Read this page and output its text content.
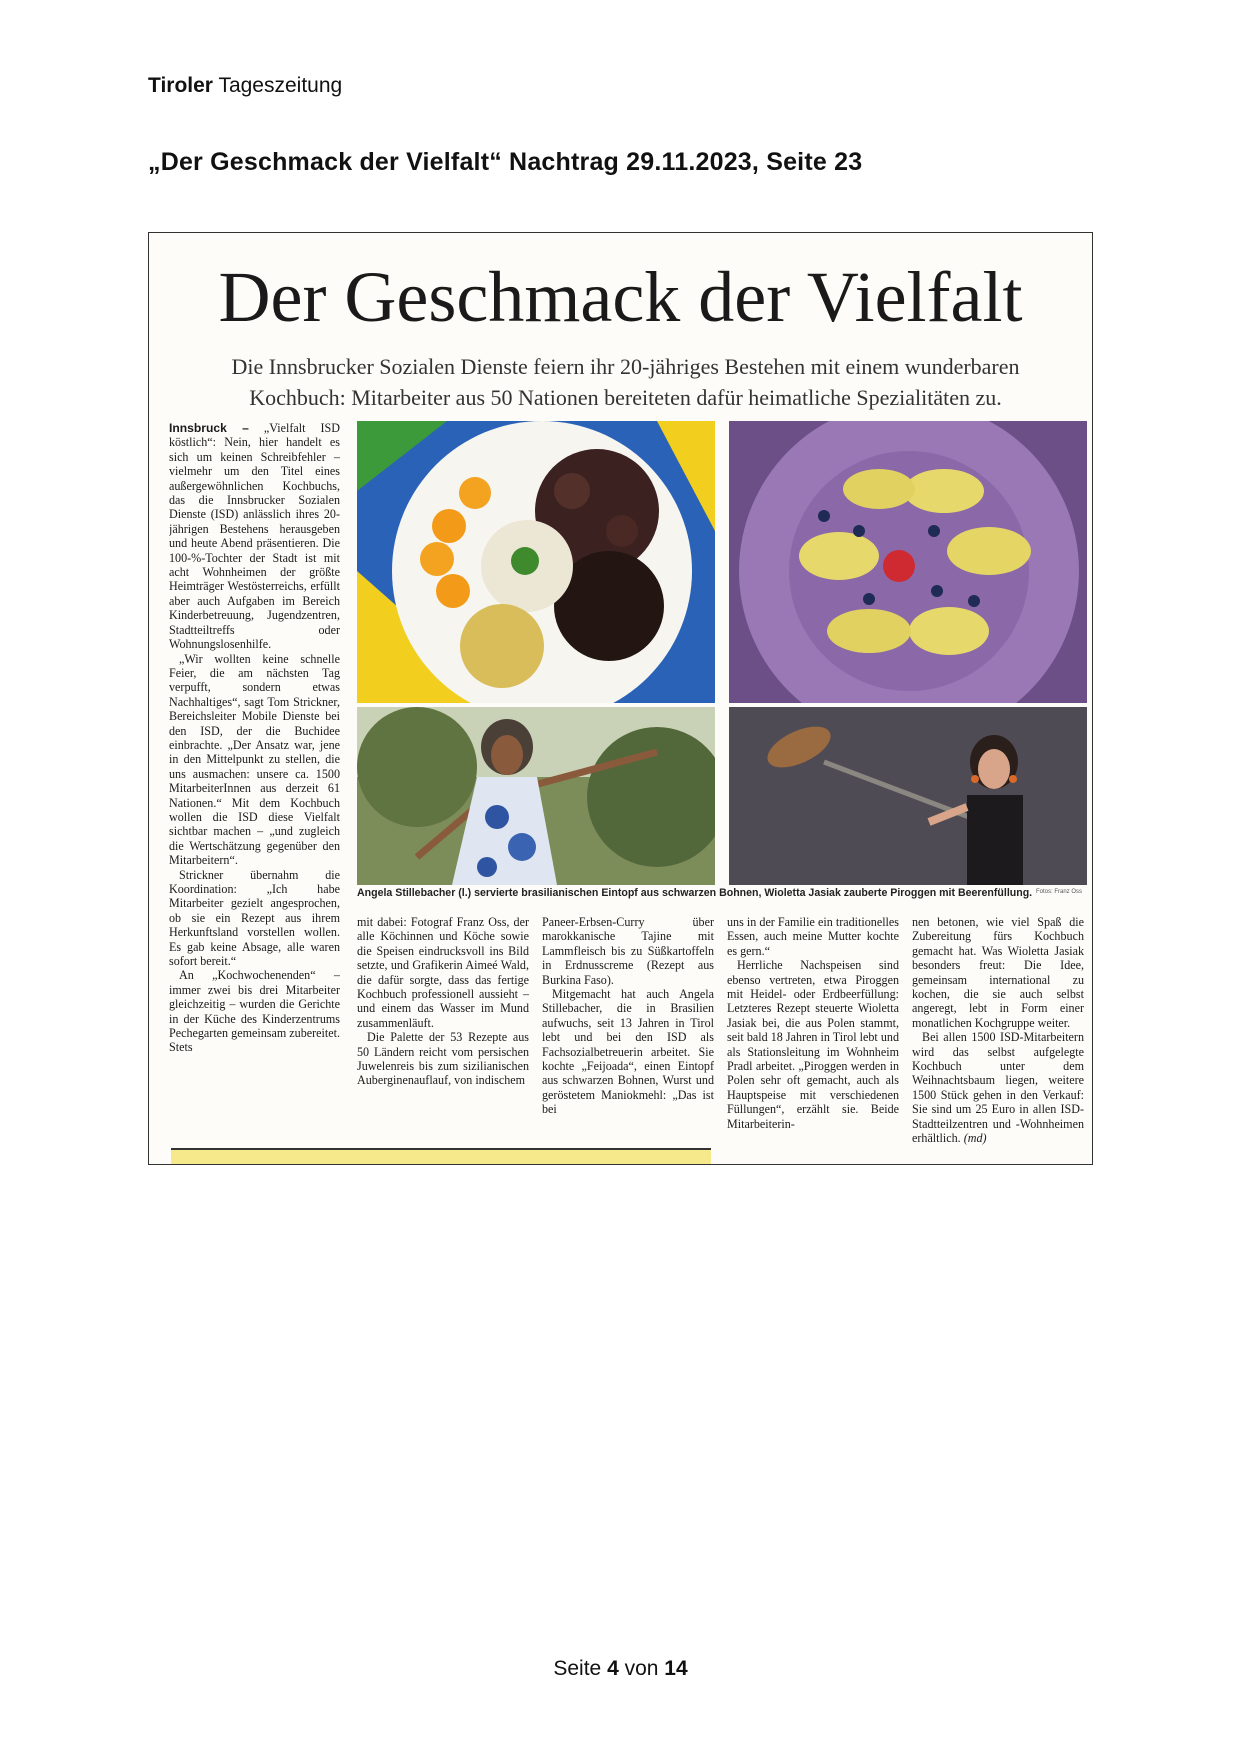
Tiroler Tageszeitung
„Der Geschmack der Vielfalt“ Nachtrag 29.11.2023, Seite 23
Der Geschmack der Vielfalt
Die Innsbrucker Sozialen Dienste feiern ihr 20-jähriges Bestehen mit einem wunderbaren Kochbuch: Mitarbeiter aus 50 Nationen bereiteten dafür heimatliche Spezialitäten zu.

Innsbruck – „Vielfalt ISD köstlich“: Nein, hier handelt es sich um keinen Schreibfehler – vielmehr um den Titel eines außergewöhnlichen Kochbuchs, das die Innsbrucker Sozialen Dienste (ISD) anlässlich ihres 20-jährigen Bestehens herausgeben und heute Abend präsentieren. Die 100-%-Tochter der Stadt ist mit acht Wohnheimen der größte Heimträger Westösterreichs, erfüllt aber auch Aufgaben im Bereich Kinderbetreuung, Jugendzentren, Stadtteiltreffs oder Wohnungslosenhilfe.

„Wir wollten keine schnelle Feier, die am nächsten Tag verpufft, sondern etwas Nachhaltiges“, sagt Tom Strickner, Bereichsleiter Mobile Dienste bei den ISD, der die Buchidee einbrachte. „Der Ansatz war, jene in den Mittelpunkt zu stellen, die uns ausmachen: unsere ca. 1500 MitarbeiterInnen aus derzeit 61 Nationen.“ Mit dem Kochbuch wollen die ISD diese Vielfalt sichtbar machen – „und zugleich die Wertschätzung gegenüber den Mitarbeitern“.

Strickner übernahm die Koordination: „Ich habe Mitarbeiter gezielt angesprochen, ob sie ein Rezept aus ihrem Herkunftsland vorstellen wollen. Es gab keine Absage, alle waren sofort bereit.“

An „Kochwochenenden“ – immer zwei bis drei Mitarbeiter gleichzeitig – wurden die Gerichte in der Küche des Kinderzentrums Pechegarten gemeinsam zubereitet. Stets

Angela Stillebacher (l.) servierte brasilianischen Eintopf aus schwarzen Bohnen, Wioletta Jasiak zauberte Piroggen mit Beerenfüllung. Fotos: Franz Oss

mit dabei: Fotograf Franz Oss, der alle Köchinnen und Köche sowie die Speisen eindrucksvoll ins Bild setzte, und Grafikerin Aimeé Wald, die dafür sorgte, dass das fertige Kochbuch professionell aussieht – und einem das Wasser im Mund zusammenläuft.

Die Palette der 53 Rezepte aus 50 Ländern reicht vom persischen Juwelenreis bis zum sizilianischen Auberginenauflauf, von indischem

Paneer-Erbsen-Curry über marokkanische Tajine mit Lammfleisch bis zu Süßkartoffeln in Erdnusscreme (Rezept aus Burkina Faso).

Mitgemacht hat auch Angela Stillebacher, die in Brasilien aufwuchs, seit 13 Jahren in Tirol lebt und bei den ISD als Fachsozialbetreuerin arbeitet. Sie kochte „Feijoada“, einen Eintopf aus schwarzen Bohnen, Wurst und geröstetem Maniokmehl: „Das ist bei

uns in der Familie ein traditionelles Essen, auch meine Mutter kochte es gern.“

Herrliche Nachspeisen sind ebenso vertreten, etwa Piroggen mit Heidel- oder Erdbeerfüllung: Letzteres Rezept steuerte Wioletta Jasiak bei, die aus Polen stammt, seit bald 18 Jahren in Tirol lebt und als Stationsleitung im Wohnheim Pradl arbeitet. „Piroggen werden in Polen sehr oft gemacht, auch als Hauptspeise mit verschiedenen Füllungen“, erzählt sie. Beide Mitarbeiterin-

nen betonen, wie viel Spaß die Zubereitung fürs Kochbuch gemacht hat. Was Wioletta Jasiak besonders freut: Die Idee, gemeinsam international zu kochen, die sie auch selbst angeregt, lebt in Form einer monatlichen Kochgruppe weiter.

Bei allen 1500 ISD-Mitarbeitern wird das selbst aufgelegte Kochbuch unter dem Weihnachtsbaum liegen, weitere 1500 Stück gehen in den Verkauf: Sie sind um 25 Euro in allen ISD-Stadtteilzentren und -Wohnheimen erhältlich. (md)

Seite 4 von 14
